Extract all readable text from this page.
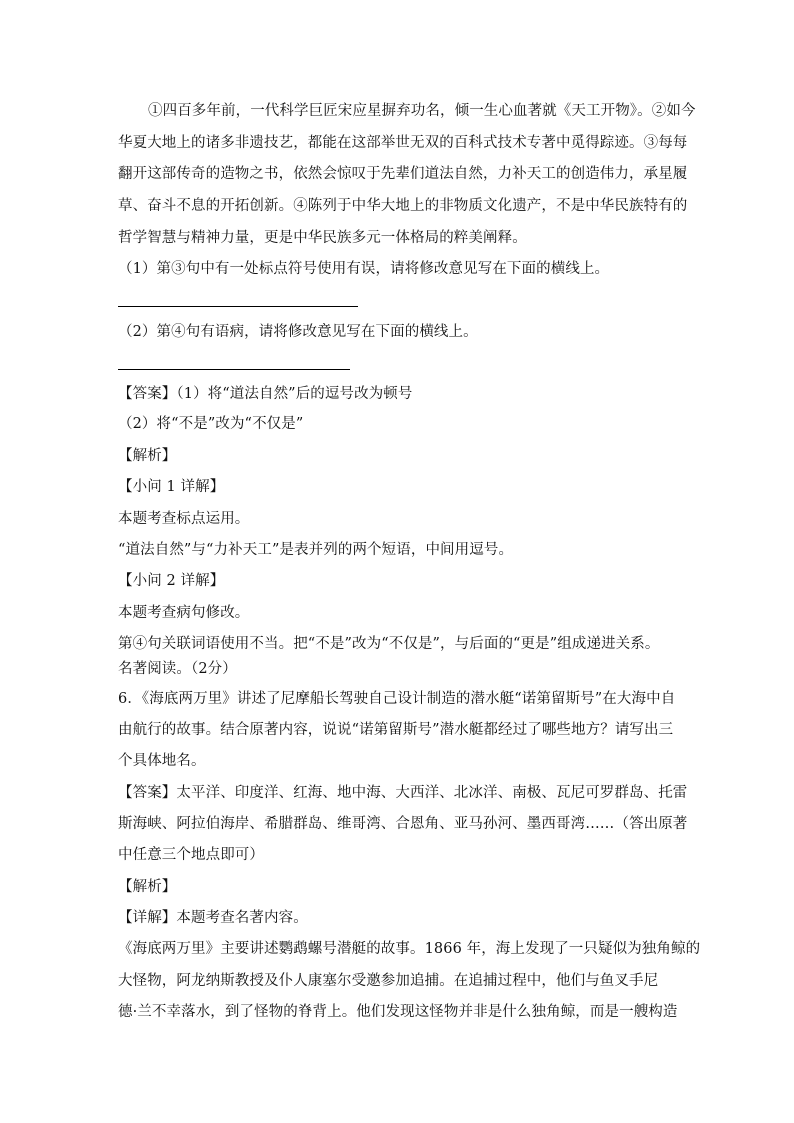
①四百多年前，一代科学巨匠宋应星摒弃功名，倾一生心血著就《天工开物》。②如今
华夏大地上的诸多非遗技艺，都能在这部举世无双的百科式技术专著中觅得踪迹。③每每
翻开这部传奇的造物之书，依然会惊叹于先辈们道法自然，力补天工的创造伟力，承星履
草、奋斗不息的开拓创新。④陈列于中华大地上的非物质文化遗产，不是中华民族特有的
哲学智慧与精神力量，更是中华民族多元一体格局的粹美阐释。
（1）第③句中有一处标点符号使用有误，请将修改意见写在下面的横线上。
（2）第④句有语病，请将修改意见写在下面的横线上。
【答案】（1）将“道法自然”后的逗号改为顿号
（2）将“不是”改为“不仅是”
【解析】
【小问 1 详解】
本题考查标点运用。
“道法自然”与“力补天工”是表并列的两个短语，中间用逗号。
【小问 2 详解】
本题考查病句修改。
第④句关联词语使用不当。把“不是”改为“不仅是”，与后面的“更是”组成递进关系。
名著阅读。（2分）
6．《海底两万里》讲述了尼摩船长驾驶自己设计制造的潜水艇“诺第留斯号”在大海中自
由航行的故事。结合原著内容，说说“诺第留斯号”潜水艇都经过了哪些地方？请写出三
个具体地名。
【答案】太平洋、印度洋、红海、地中海、大西洋、北冰洋、南极、瓦尼可罗群岛、托雷
斯海峡、阿拉伯海岸、希腊群岛、维哥湾、合恩角、亚马孙河、墨西哥湾……（答出原著
中任意三个地点即可）
【解析】
【详解】本题考查名著内容。
《海底两万里》主要讲述鹦鹉螺号潜艇的故事。1866 年，海上发现了一只疑似为独角鲸的
大怪物，阿龙纳斯教授及仆人康塞尔受邀参加追捕。在追捕过程中，他们与鱼叉手尼
德·兰不幸落水，到了怪物的脊背上。他们发现这怪物并非是什么独角鲸，而是一艘构造
